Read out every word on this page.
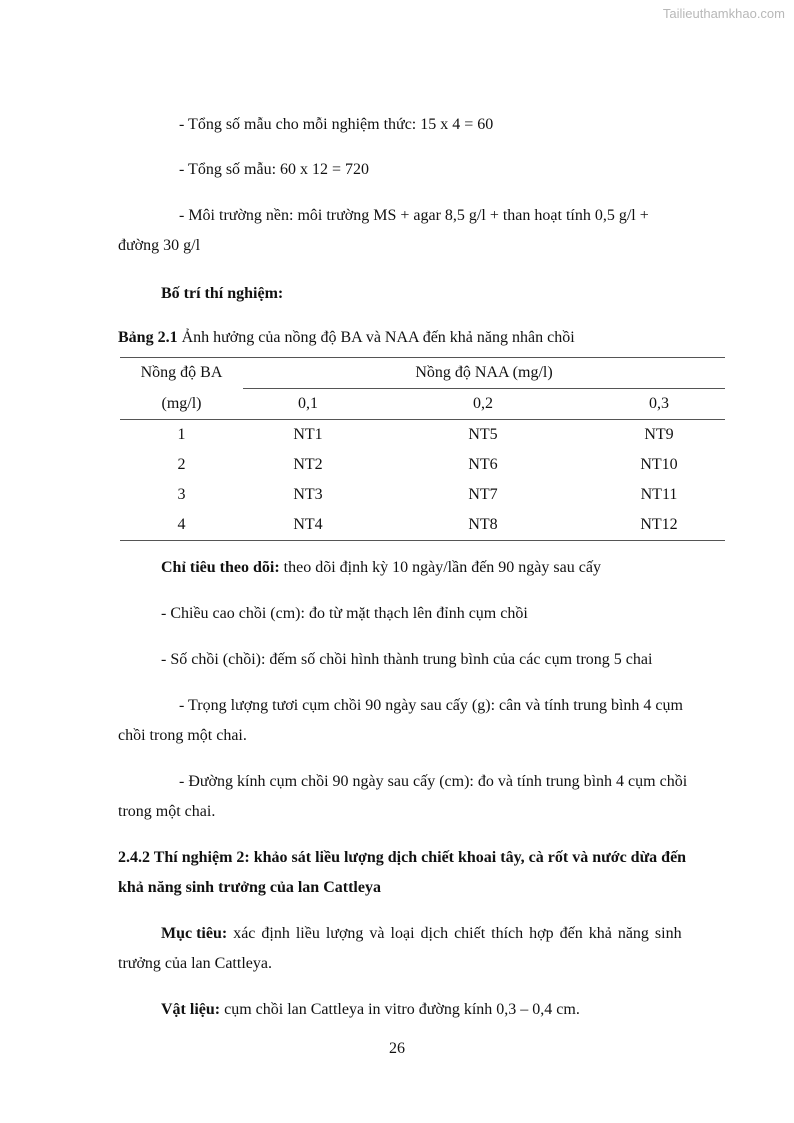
Tailieuthamkhao.com
- Tổng số mẫu cho mỗi nghiệm thức: 15 x 4 = 60
- Tổng số mẫu: 60 x 12 = 720
- Môi trường nền: môi trường MS + agar 8,5 g/l + than hoạt tính 0,5 g/l +
đường 30 g/l
Bố trí thí nghiệm:
Bảng 2.1 Ảnh hưởng của nồng độ BA và NAA đến khả năng nhân chồi
Nồng độ BA	Nồng độ NAA (mg/l)		
(mg/l)	0,1	0,2	0,3
1	NT1	NT5	NT9
2	NT2	NT6	NT10
3	NT3	NT7	NT11
4	NT4	NT8	NT12
Chỉ tiêu theo dõi: theo dõi định kỳ 10 ngày/lần đến 90 ngày sau cấy
- Chiều cao chồi (cm): đo từ mặt thạch lên đỉnh cụm chồi
- Số chồi (chồi): đếm số chồi hình thành trung bình của các cụm trong 5 chai
- Trọng lượng tươi cụm chồi 90 ngày sau cấy (g): cân và tính trung bình 4 cụm
chồi trong một chai.
- Đường kính cụm chồi 90 ngày sau cấy (cm): đo và tính trung bình 4 cụm chồi
trong một chai.
2.4.2 Thí nghiệm 2: khảo sát liều lượng dịch chiết khoai tây, cà rốt và nước dừa đến
khả năng sinh trưởng của lan Cattleya
Mục tiêu: xác định liều lượng và loại dịch chiết thích hợp đến khả năng sinh
trưởng của lan Cattleya.
Vật liệu: cụm chồi lan Cattleya in vitro đường kính 0,3 – 0,4 cm.
26
